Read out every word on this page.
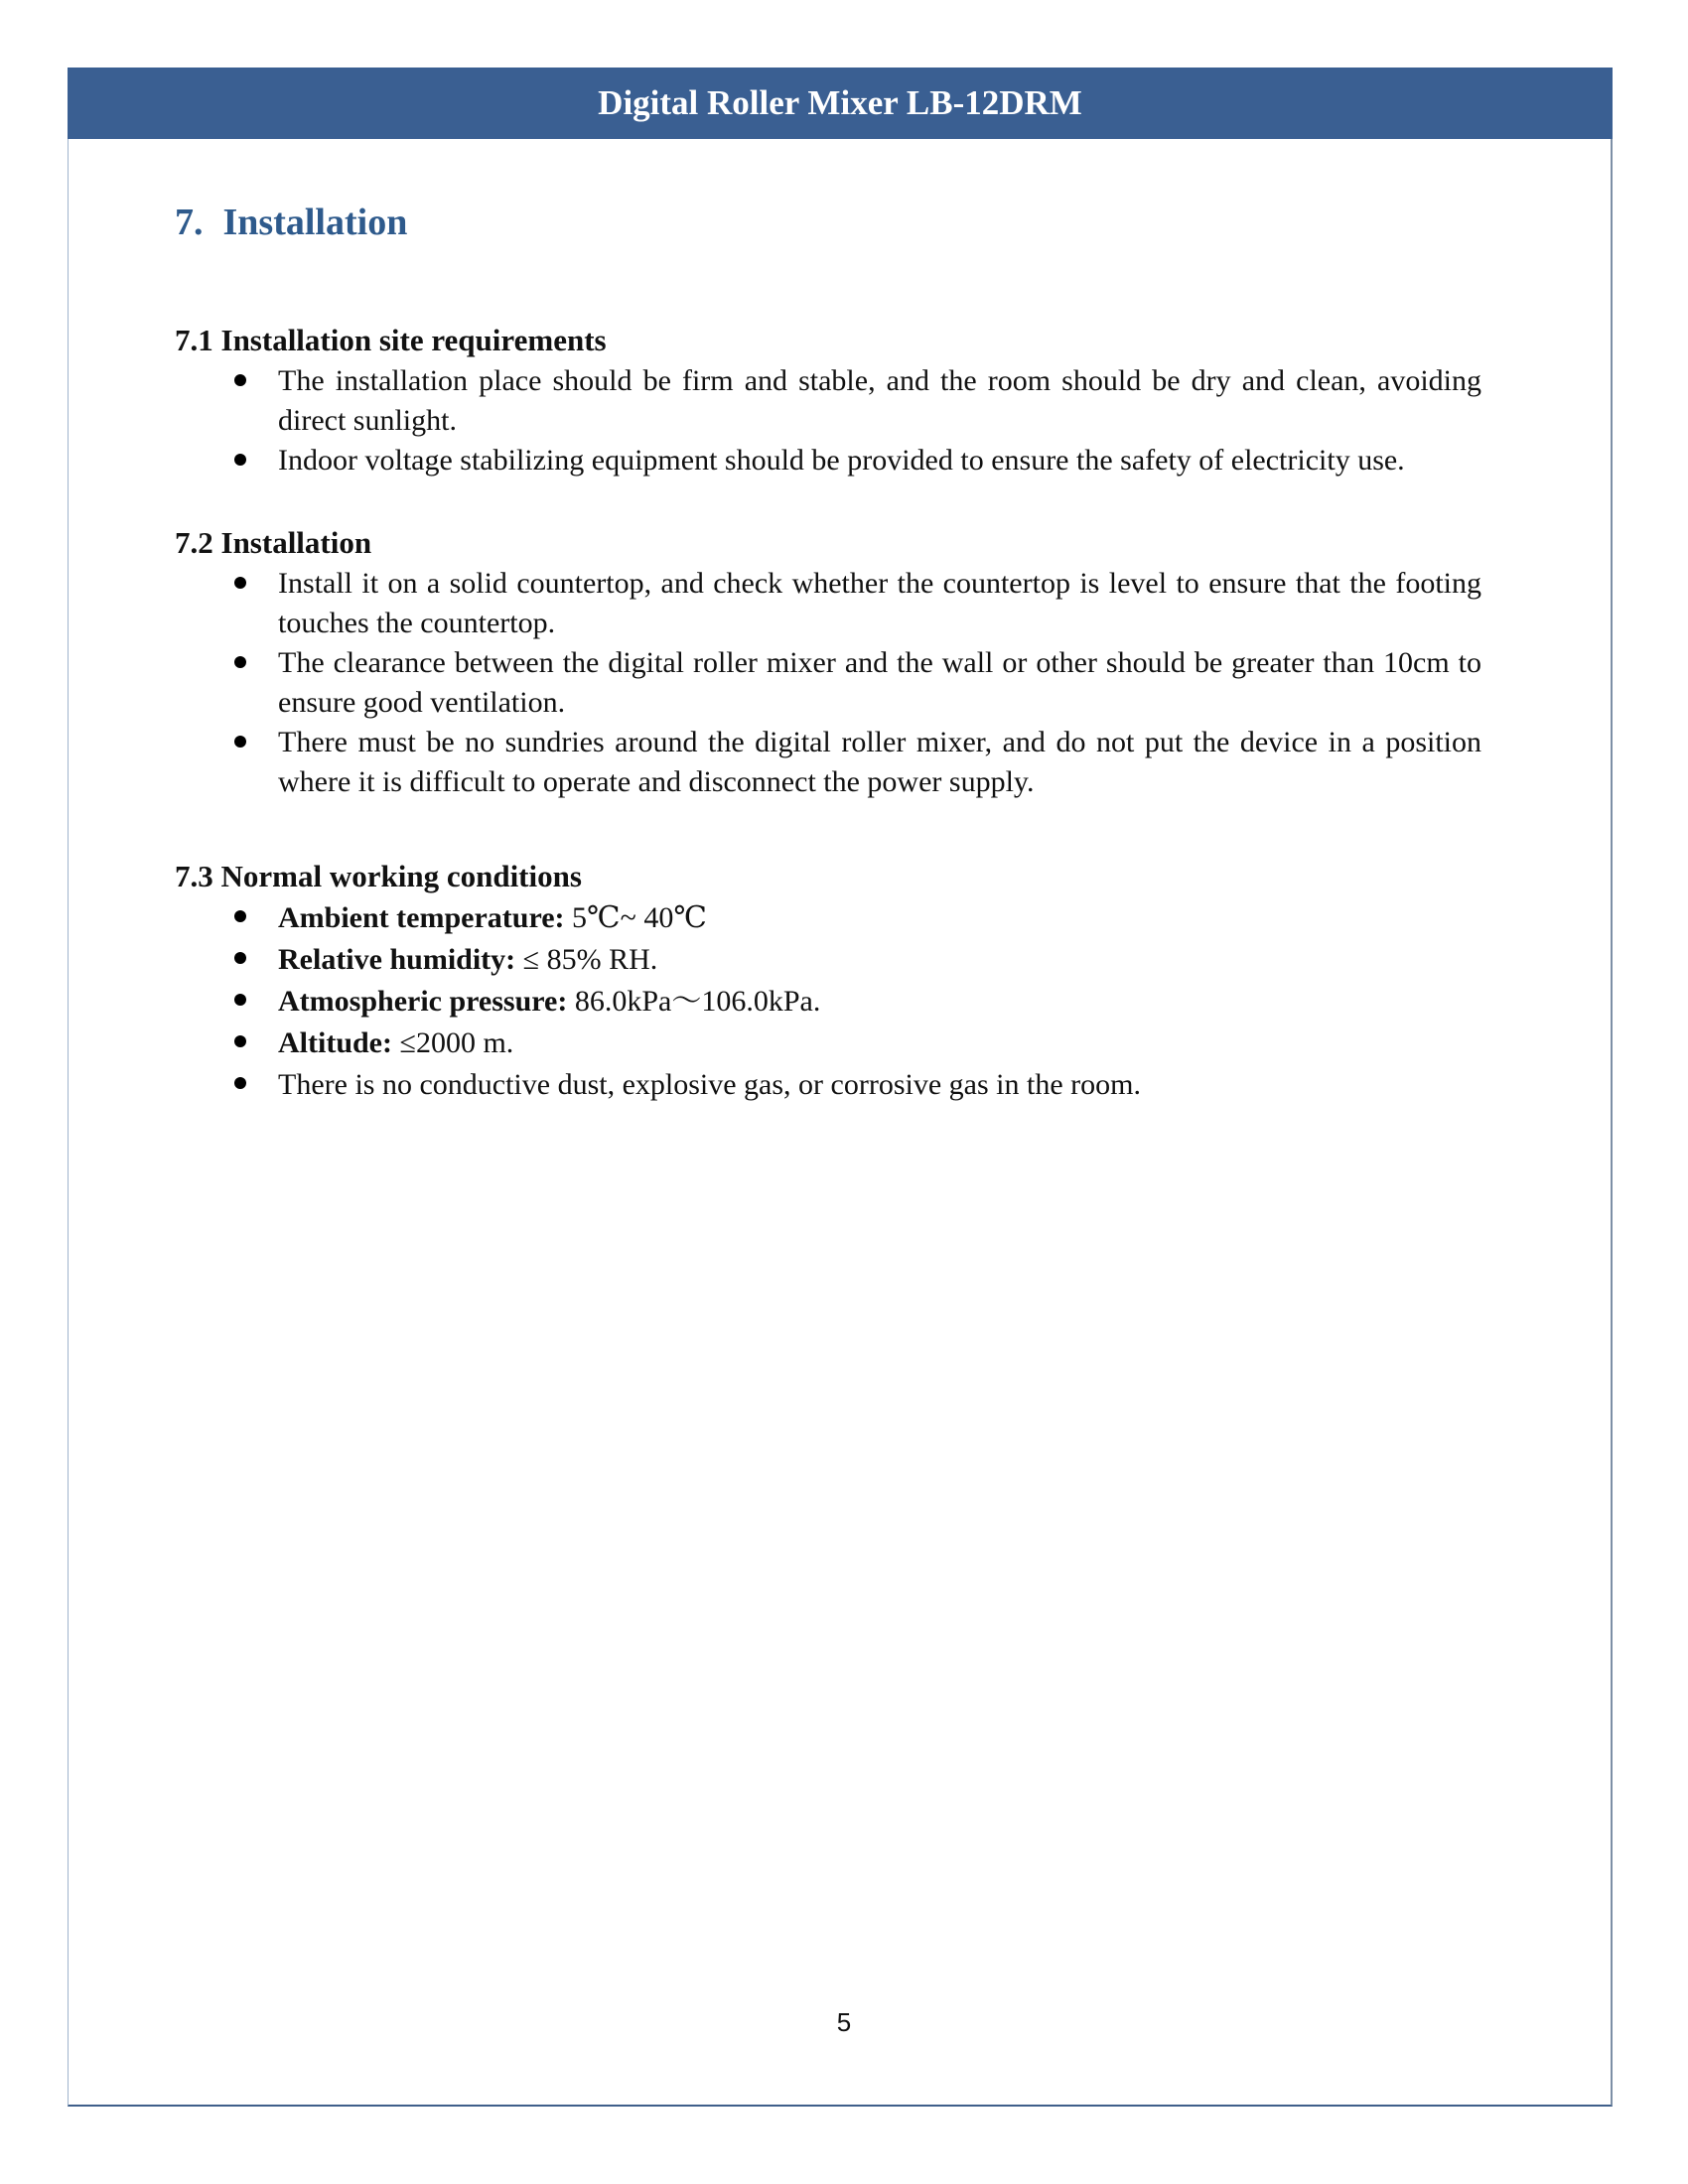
Digital Roller Mixer LB-12DRM
7. Installation
7.1 Installation site requirements
The installation place should be firm and stable, and the room should be dry and clean, avoiding direct sunlight.
Indoor voltage stabilizing equipment should be provided to ensure the safety of electricity use.
7.2 Installation
Install it on a solid countertop, and check whether the countertop is level to ensure that the footing touches the countertop.
The clearance between the digital roller mixer and the wall or other should be greater than 10cm to ensure good ventilation.
There must be no sundries around the digital roller mixer, and do not put the device in a position where it is difficult to operate and disconnect the power supply.
7.3 Normal working conditions
Ambient temperature: 5℃~ 40℃
Relative humidity: ≤ 85% RH.
Atmospheric pressure: 86.0kPa～106.0kPa.
Altitude: ≤2000 m.
There is no conductive dust, explosive gas, or corrosive gas in the room.
5
